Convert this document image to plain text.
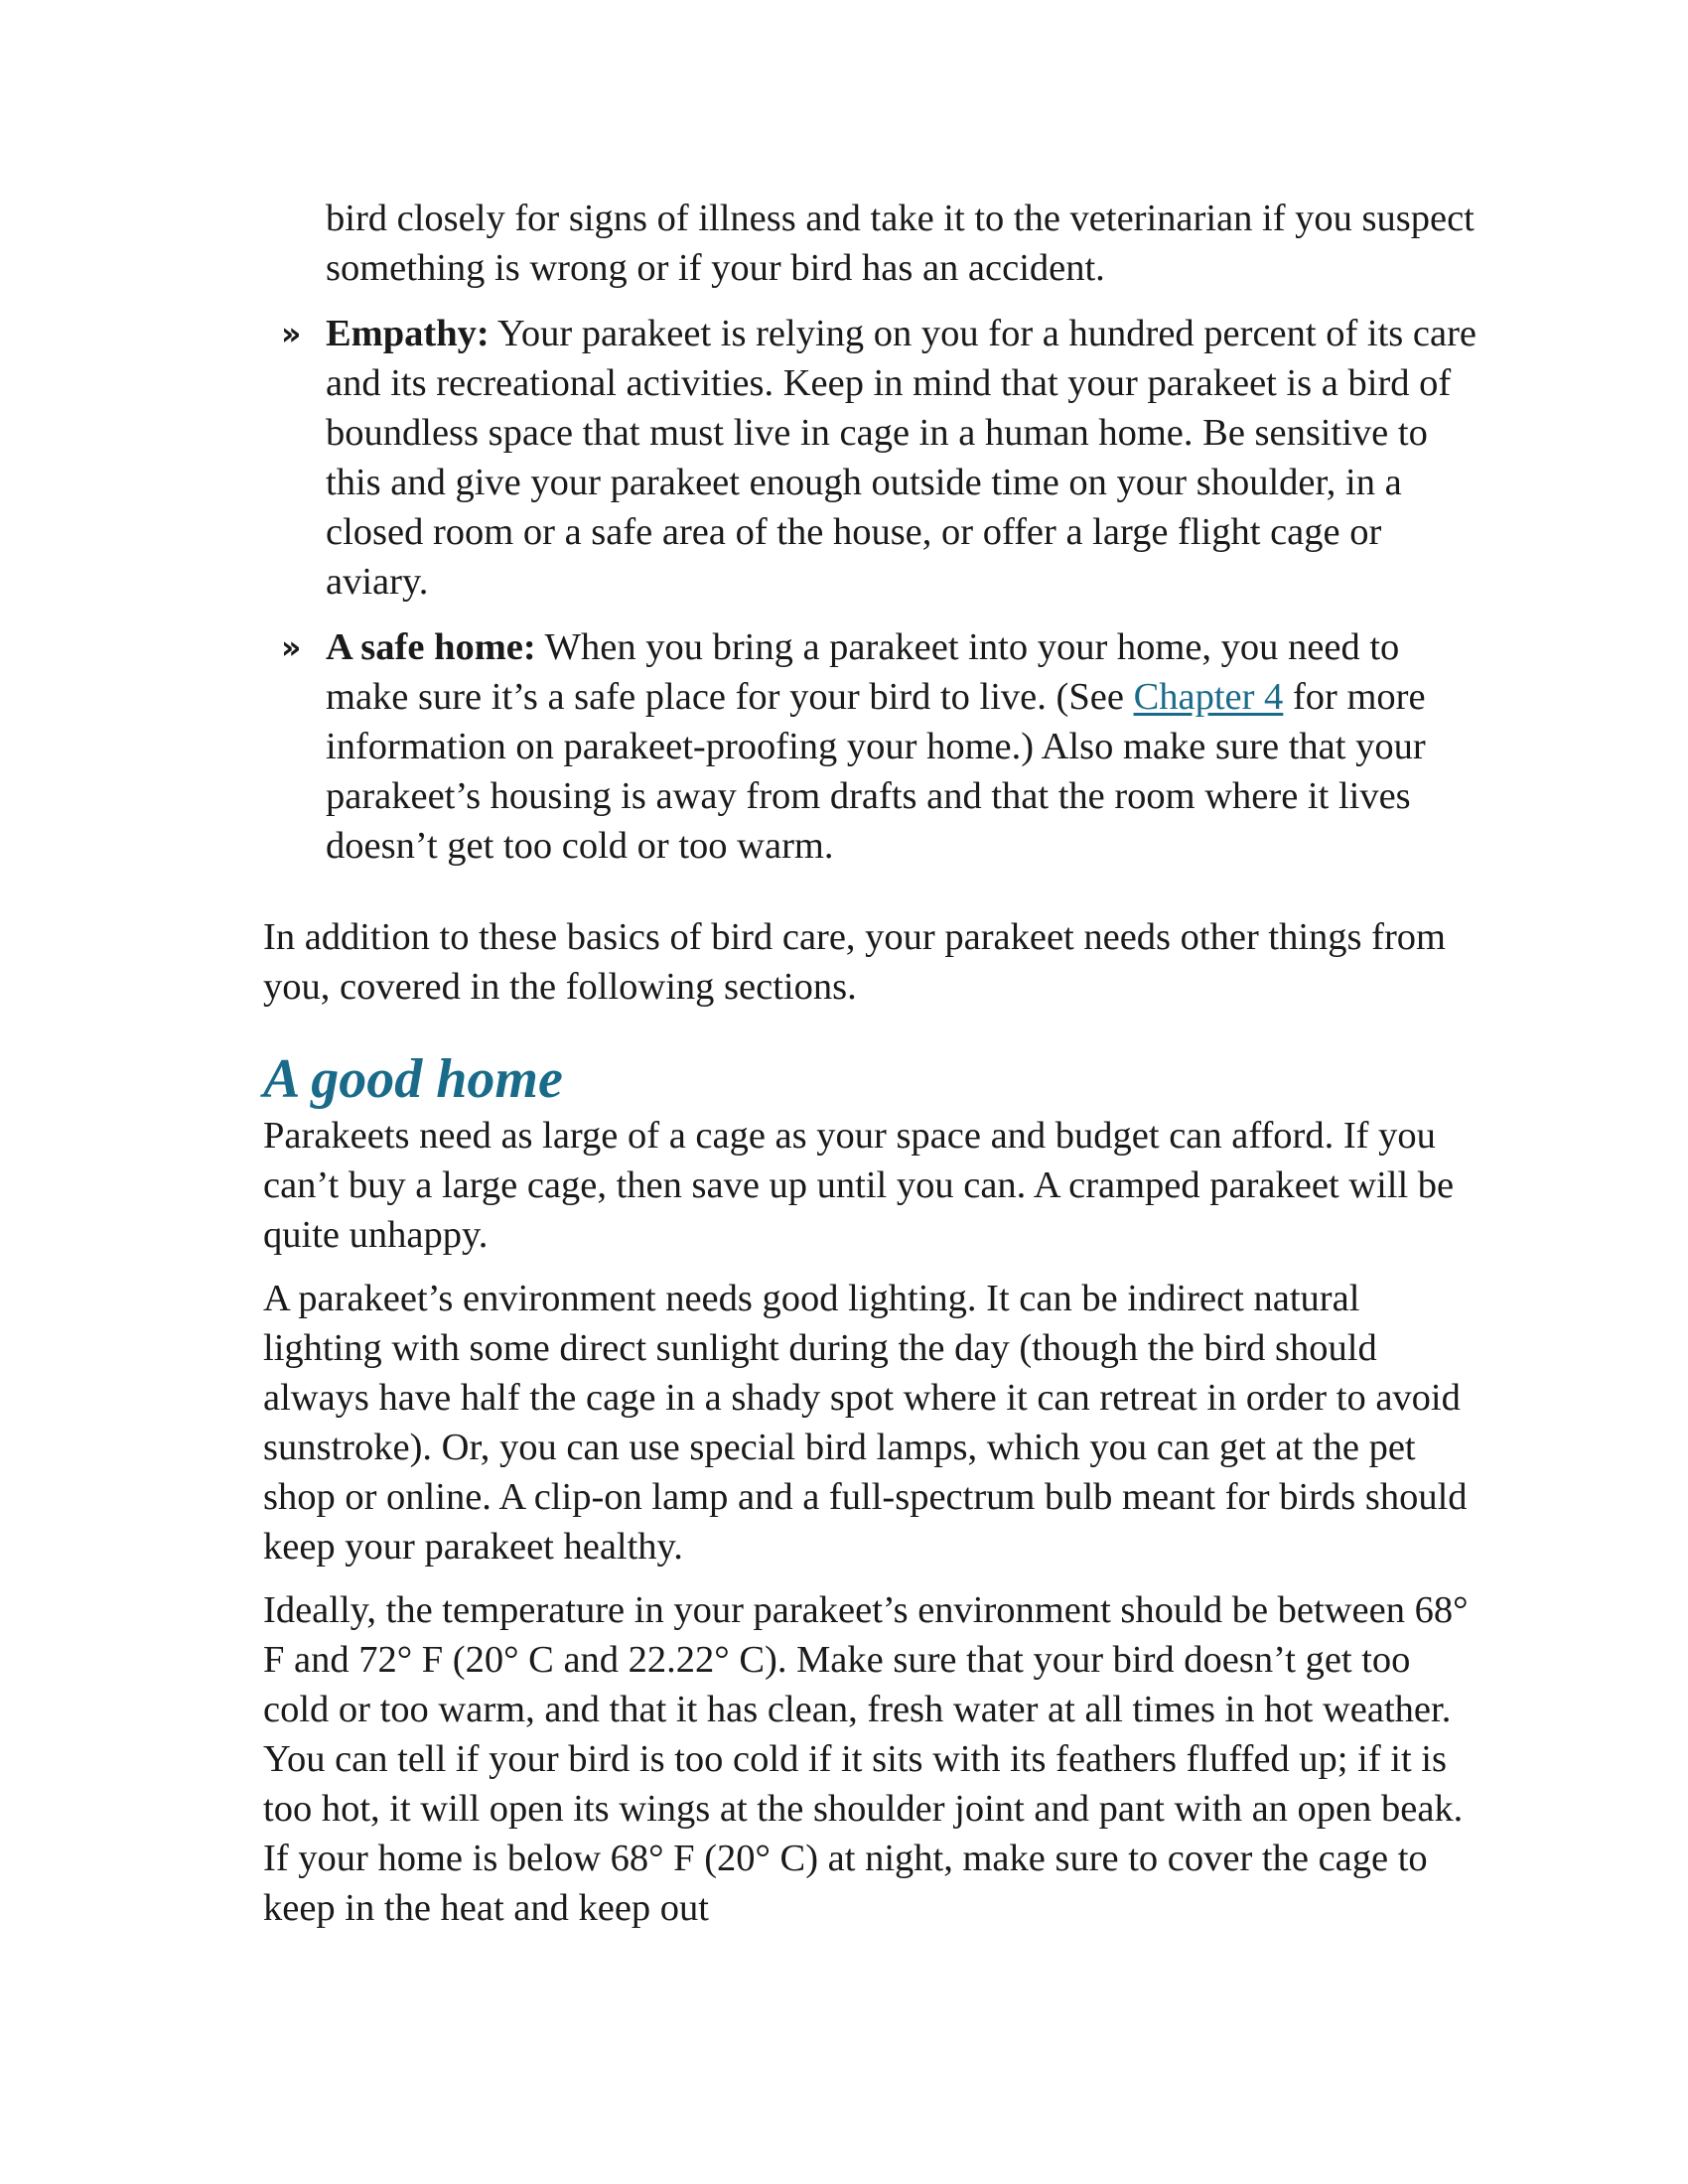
bird closely for signs of illness and take it to the veterinarian if you suspect something is wrong or if your bird has an accident.

›› Empathy: Your parakeet is relying on you for a hundred percent of its care and its recreational activities. Keep in mind that your parakeet is a bird of boundless space that must live in cage in a human home. Be sensitive to this and give your parakeet enough outside time on your shoulder, in a closed room or a safe area of the house, or offer a large flight cage or aviary.
›› A safe home: When you bring a parakeet into your home, you need to make sure it’s a safe place for your bird to live. (See Chapter 4 for more information on parakeet-proofing your home.) Also make sure that your parakeet’s housing is away from drafts and that the room where it lives doesn’t get too cold or too warm.

In addition to these basics of bird care, your parakeet needs other things from you, covered in the following sections.

A good home

Parakeets need as large of a cage as your space and budget can afford. If you can’t buy a large cage, then save up until you can. A cramped parakeet will be quite unhappy.

A parakeet’s environment needs good lighting. It can be indirect natural lighting with some direct sunlight during the day (though the bird should always have half the cage in a shady spot where it can retreat in order to avoid sunstroke). Or, you can use special bird lamps, which you can get at the pet shop or online. A clip-on lamp and a full-spectrum bulb meant for birds should keep your parakeet healthy.

Ideally, the temperature in your parakeet’s environment should be between 68° F and 72° F (20° C and 22.22° C). Make sure that your bird doesn’t get too cold or too warm, and that it has clean, fresh water at all times in hot weather. You can tell if your bird is too cold if it sits with its feathers fluffed up; if it is too hot, it will open its wings at the shoulder joint and pant with an open beak. If your home is below 68° F (20° C) at night, make sure to cover the cage to keep in the heat and keep out
